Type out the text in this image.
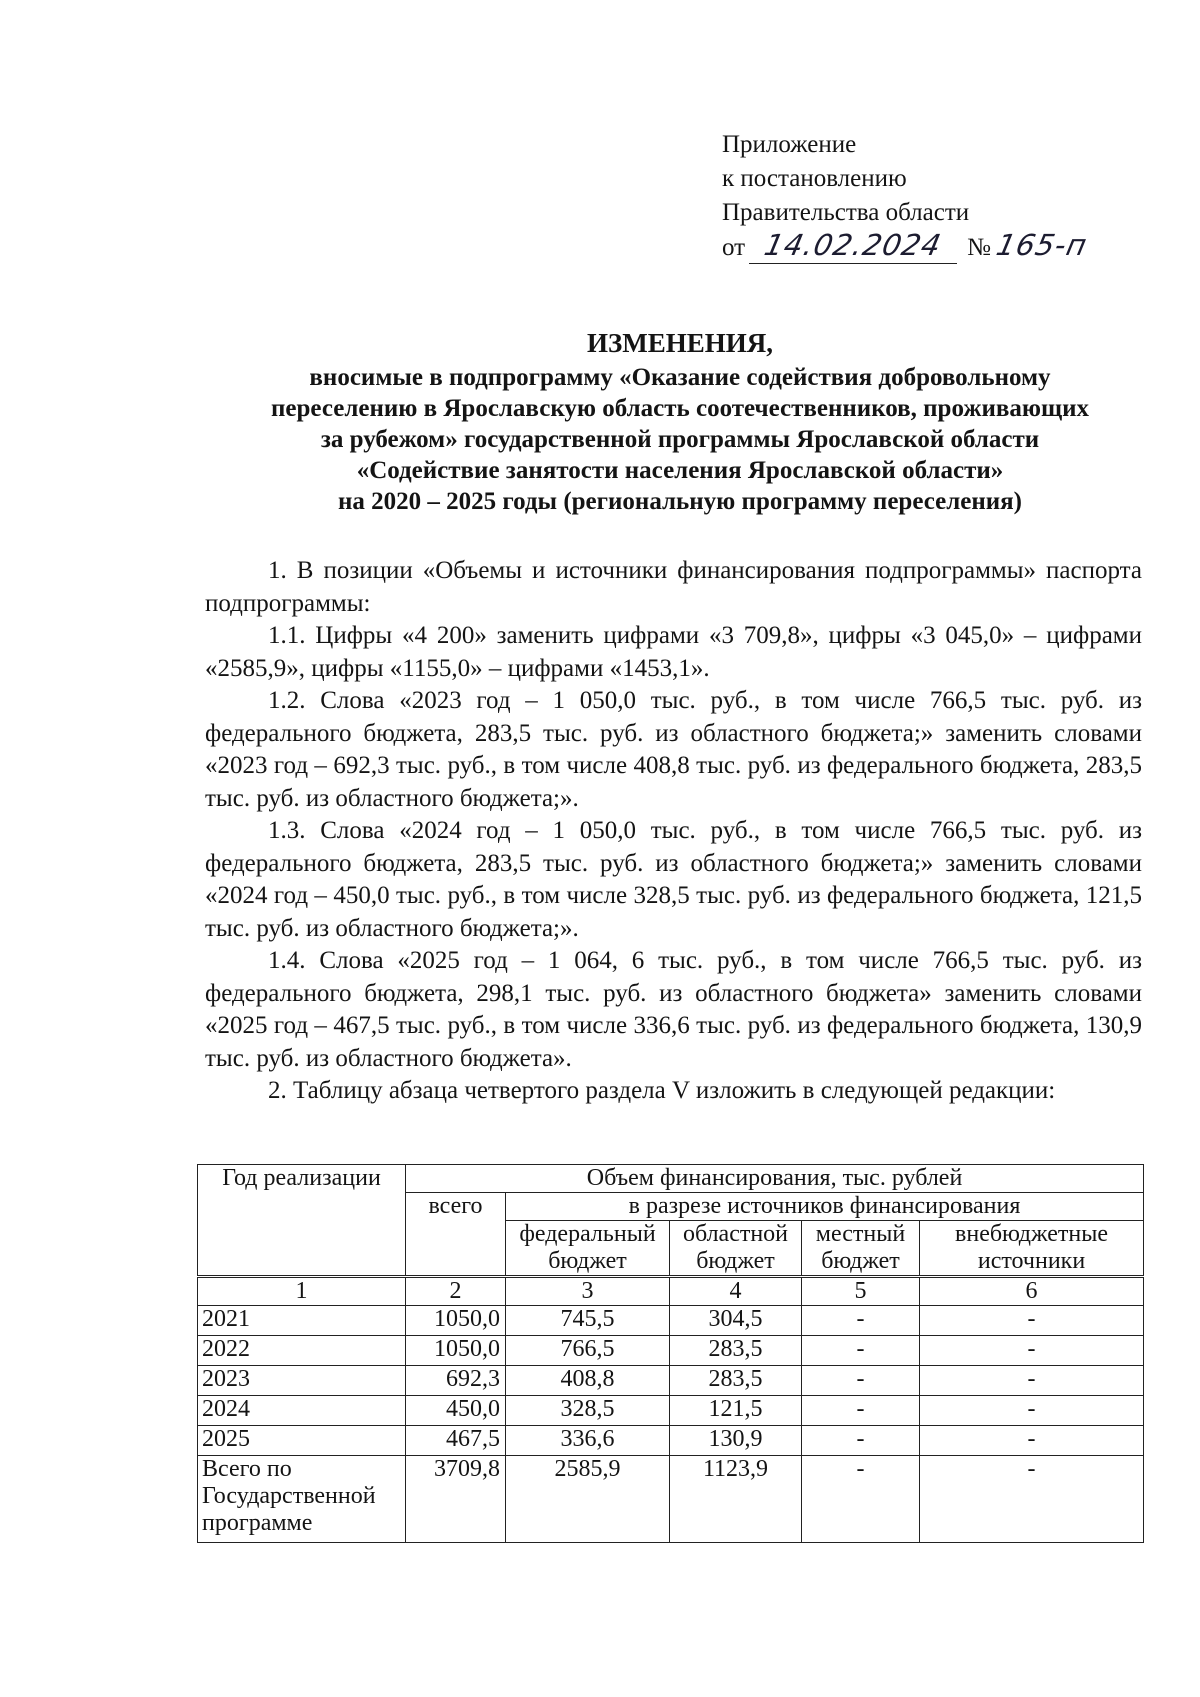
Приложение
к постановлению
Правительства области
от 14.02.2024 №165-п
ИЗМЕНЕНИЯ,
вносимые в подпрограмму «Оказание содействия добровольному
переселению в Ярославскую область соотечественников, проживающих
за рубежом» государственной программы Ярославской области
«Содействие занятости населения Ярославской области»
на 2020 – 2025 годы (региональную программу переселения)

1. В позиции «Объемы и источники финансирования подпрограммы» паспорта подпрограммы:

1.1. Цифры «4 200» заменить цифрами «3 709,8», цифры «3 045,0» – цифрами «2585,9», цифры «1155,0» – цифрами «1453,1».

1.2. Слова «2023 год – 1 050,0 тыс. руб., в том числе 766,5 тыс. руб. из федерального бюджета, 283,5 тыс. руб. из областного бюджета;» заменить словами «2023 год – 692,3 тыс. руб., в том числе 408,8 тыс. руб. из федерального бюджета, 283,5 тыс. руб. из областного бюджета;».

1.3. Слова «2024 год – 1 050,0 тыс. руб., в том числе 766,5 тыс. руб. из федерального бюджета, 283,5 тыс. руб. из областного бюджета;» заменить словами «2024 год – 450,0 тыс. руб., в том числе 328,5 тыс. руб. из федерального бюджета, 121,5 тыс. руб. из областного бюджета;».

1.4. Слова «2025 год – 1 064, 6 тыс. руб., в том числе 766,5 тыс. руб. из федерального бюджета, 298,1 тыс. руб. из областного бюджета» заменить словами «2025 год – 467,5 тыс. руб., в том числе 336,6 тыс. руб. из федерального бюджета, 130,9 тыс. руб. из областного бюджета».

2. Таблицу абзаца четвертого раздела V изложить в следующей редакции:

Год реализации	Объем финансирования, тыс. рублей				
	всего	в разрезе источников финансирования			
		федеральный бюджет	областной бюджет	местный бюджет	внебюджетные источники
1	2	3	4	5	6
2021	1050,0	745,5	304,5	-	-
2022	1050,0	766,5	283,5	-	-
2023	692,3	408,8	283,5	-	-
2024	450,0	328,5	121,5	-	-
2025	467,5	336,6	130,9	-	-
Всего по Государственной программе	3709,8	2585,9	1123,9	-	-
